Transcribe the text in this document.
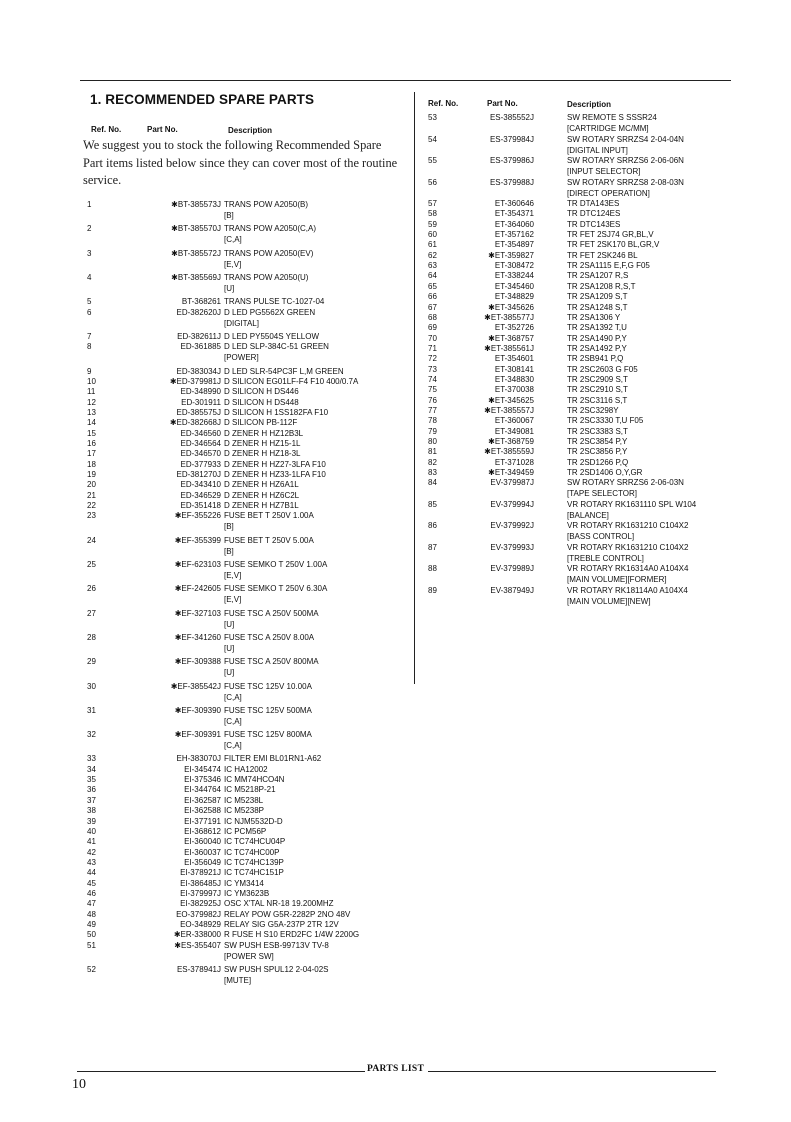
1. RECOMMENDED SPARE PARTS
Ref. No.	Part No.	Description
Ref. No.	Part No.	Description
We suggest you to stock the following Recommended Spare Part items listed below since they can cover most of the routine service.
1	✱BT-385573J TRANS POW A2050(B)
[B]
2	✱BT-385570J TRANS POW A2050(C,A)
[C,A]
3	✱BT-385572J TRANS POW A2050(EV)
[E,V]
4	✱BT-385569J TRANS POW A2050(U)
[U]
5	BT-368261 TRANS PULSE TC-1027-04
6	ED-382620J D LED PG5562X GREEN
[DIGITAL]
7	ED-382611J D LED PY5504S YELLOW
8	ED-361885 D LED SLP-384C-51 GREEN
[POWER]
9	ED-383034J D LED SLR-54PC3F L,M GREEN
10	✱ED-379981J D SILICON EG01LF-F4 F10 400/0.7A
11	ED-348990 D SILICON H DS446
12	ED-301911 D SILICON H DS448
13	ED-385575J D SILICON H 1SS182FA F10
14	✱ED-382668J D SILICON PB-112F
15	ED-346560 D ZENER H HZ12B3L
16	ED-346564 D ZENER H HZ15-1L
17	ED-346570 D ZENER H HZ18-3L
18	ED-377933 D ZENER H HZ27-3LFA F10
19	ED-381270J D ZENER H HZ33-1LFA F10
20	ED-343410 D ZENER H HZ6A1L
21	ED-346529 D ZENER H HZ6C2L
22	ED-351418 D ZENER H HZ7B1L
23	✱EF-355226 FUSE BET T 250V 1.00A
[B]
24	✱EF-355399 FUSE BET T 250V 5.00A
[B]
25	✱EF-623103 FUSE SEMKO T 250V 1.00A
[E,V]
26	✱EF-242605 FUSE SEMKO T 250V 6.30A
[E,V]
27	✱EF-327103 FUSE TSC A 250V 500MA
[U]
28	✱EF-341260 FUSE TSC A 250V 8.00A
[U]
29	✱EF-309388 FUSE TSC A 250V 800MA
[U]
30	✱EF-385542J FUSE TSC 125V 10.00A
[C,A]
31	✱EF-309390 FUSE TSC 125V 500MA
[C,A]
32	✱EF-309391 FUSE TSC 125V 800MA
[C,A]
33	EH-383070J FILTER EMI BL01RN1-A62
34	EI-345474 IC HA12002
35	EI-375346 IC MM74HCO4N
36	EI-344764 IC M5218P-21
37	EI-362587 IC M5238L
38	EI-362588 IC M5238P
39	EI-377191 IC NJM5532D-D
40	EI-368612 IC PCM56P
41	EI-360040 IC TC74HCU04P
42	EI-360037 IC TC74HC00P
43	EI-356049 IC TC74HC139P
44	EI-378921J IC TC74HC151P
45	EI-386485J IC YM3414
46	EI-379997J IC YM3623B
47	EI-382925J OSC X'TAL NR-18 19.200MHZ
48	EO-379982J RELAY POW G5R-2282P 2NO 48V
49	EO-348929 RELAY SIG G5A-237P 2TR 12V
50	✱ER-338000 R FUSE H S10 ERD2FC 1/4W 2200G
51	✱ES-355407 SW PUSH ESB-99713V TV-8
[POWER SW]
52	ES-378941J SW PUSH SPUL12 2-04-02S
[MUTE]
53	ES-385552J	SW REMOTE S SSSR24
[CARTRIDGE MC/MM]
54	ES-379984J	SW ROTARY SRRZS4 2-04-04N
[DIGITAL INPUT]
55	ES-379986J	SW ROTARY SRRZS6 2-06-06N
[INPUT SELECTOR]
56	ES-379988J	SW ROTARY SRRZS8 2-08-03N
[DIRECT OPERATION]
57	ET-360646	TR DTA143ES
58	ET-354371	TR DTC124ES
59	ET-364060	TR DTC143ES
60	ET-357162	TR FET 2SJ74 GR,BL,V
61	ET-354897	TR FET 2SK170 BL,GR,V
62	✱ET-359827	TR FET 2SK246 BL
63	ET-308472	TR 2SA1115 E,F,G F05
64	ET-338244	TR 2SA1207 R,S
65	ET-345460	TR 2SA1208 R,S,T
66	ET-348829	TR 2SA1209 S,T
67	✱ET-345626	TR 2SA1248 S,T
68	✱ET-385577J	TR 2SA1306 Y
69	ET-352726	TR 2SA1392 T,U
70	✱ET-368757	TR 2SA1490 P,Y
71	✱ET-385561J	TR 2SA1492 P,Y
72	ET-354601	TR 2SB941 P,Q
73	ET-308141	TR 2SC2603 G F05
74	ET-348830	TR 2SC2909 S,T
75	ET-370038	TR 2SC2910 S,T
76	✱ET-345625	TR 2SC3116 S,T
77	✱ET-385557J	TR 2SC3298Y
78	ET-360067	TR 2SC3330 T,U F05
79	ET-349081	TR 2SC3383 S,T
80	✱ET-368759	TR 2SC3854 P,Y
81	✱ET-385559J	TR 2SC3856 P,Y
82	ET-371028	TR 2SD1266 P,Q
83	✱ET-349459	TR 2SD1406 O,Y,GR
84	EV-379987J	SW ROTARY SRRZS6 2-06-03N
[TAPE SELECTOR]
85	EV-379994J	VR ROTARY RK1631110 SPL W104
[BALANCE]
86	EV-379992J	VR ROTARY RK1631210 C104X2
[BASS CONTROL]
87	EV-379993J	VR ROTARY RK1631210 C104X2
[TREBLE CONTROL]
88	EV-379989J	VR ROTARY RK16314A0 A104X4
[MAIN VOLUME][FORMER]
89	EV-387949J	VR ROTARY RK18114A0 A104X4
[MAIN VOLUME][NEW]
PARTS LIST
10
